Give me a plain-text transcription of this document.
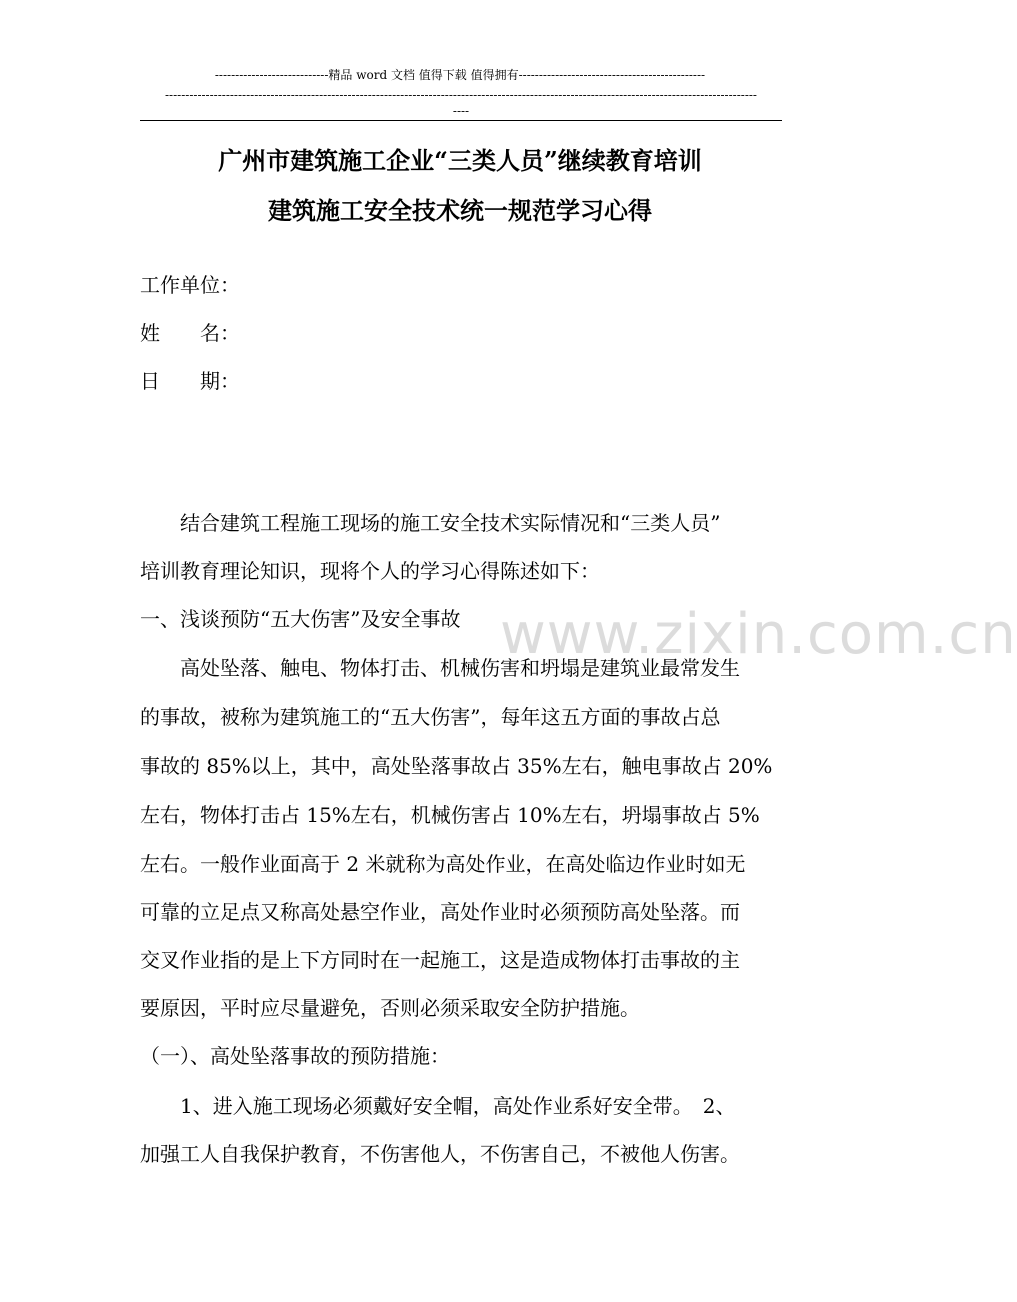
----------------------------精品 word 文档 值得下载 值得拥有----------------------------------------------
--------------------------------------------------------------------------------------------------------------------------------------------------
----
广州市建筑施工企业“三类人员”继续教育培训
建筑施工安全技术统一规范学习心得
工作单位：
姓　　名：
日　　期：
www.zixin.com.cn
　　结合建筑工程施工现场的施工安全技术实际情况和“三类人员”
培训教育理论知识，现将个人的学习心得陈述如下：
一、浅谈预防“五大伤害”及安全事故
　　高处坠落、触电、物体打击、机械伤害和坍塌是建筑业最常发生
的事故，被称为建筑施工的“五大伤害”，每年这五方面的事故占总
事故的 85%以上，其中，高处坠落事故占 35%左右，触电事故占 20%
左右，物体打击占 15%左右，机械伤害占 10%左右，坍塌事故占 5%
左右。一般作业面高于 2 米就称为高处作业，在高处临边作业时如无
可靠的立足点又称高处悬空作业，高处作业时必须预防高处坠落。而
交叉作业指的是上下方同时在一起施工，这是造成物体打击事故的主
要原因，平时应尽量避免，否则必须采取安全防护措施。
（一）、高处坠落事故的预防措施：
　　1、进入施工现场必须戴好安全帽，高处作业系好安全带。　2、
加强工人自我保护教育，不伤害他人，不伤害自己，不被他人伤害。
